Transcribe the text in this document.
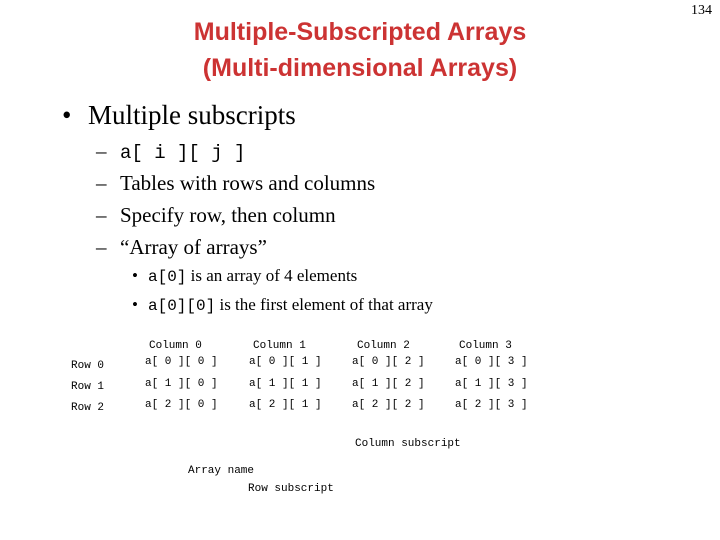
134
Multiple-Subscripted Arrays
(Multi-dimensional Arrays)
• Multiple subscripts
– a[ i ][ j ]
– Tables with rows and columns
– Specify row, then column
– “Array of arrays”
• a[0] is an array of 4 elements
• a[0][0] is the first element of that array
Column 0	Column 1	Column 2	Column 3
Row 0	a[ 0 ][ 0 ]	a[ 0 ][ 1 ]	a[ 0 ][ 2 ]	a[ 0 ][ 3 ]
Row 1	a[ 1 ][ 0 ]	a[ 1 ][ 1 ]	a[ 1 ][ 2 ]	a[ 1 ][ 3 ]
Row 2	a[ 2 ][ 0 ]	a[ 2 ][ 1 ]	a[ 2 ][ 2 ]	a[ 2 ][ 3 ]
Column subscript
Array name
Row subscript
